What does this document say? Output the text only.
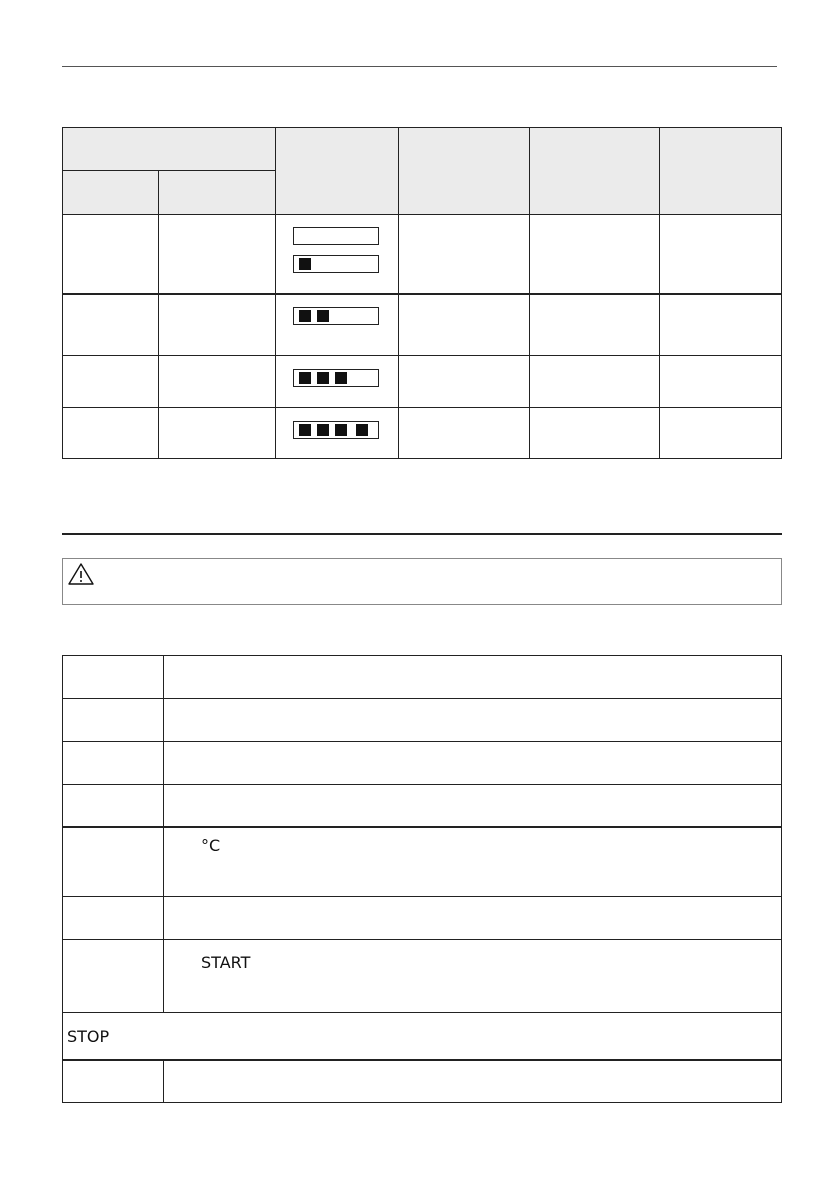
°C
START
STOP
